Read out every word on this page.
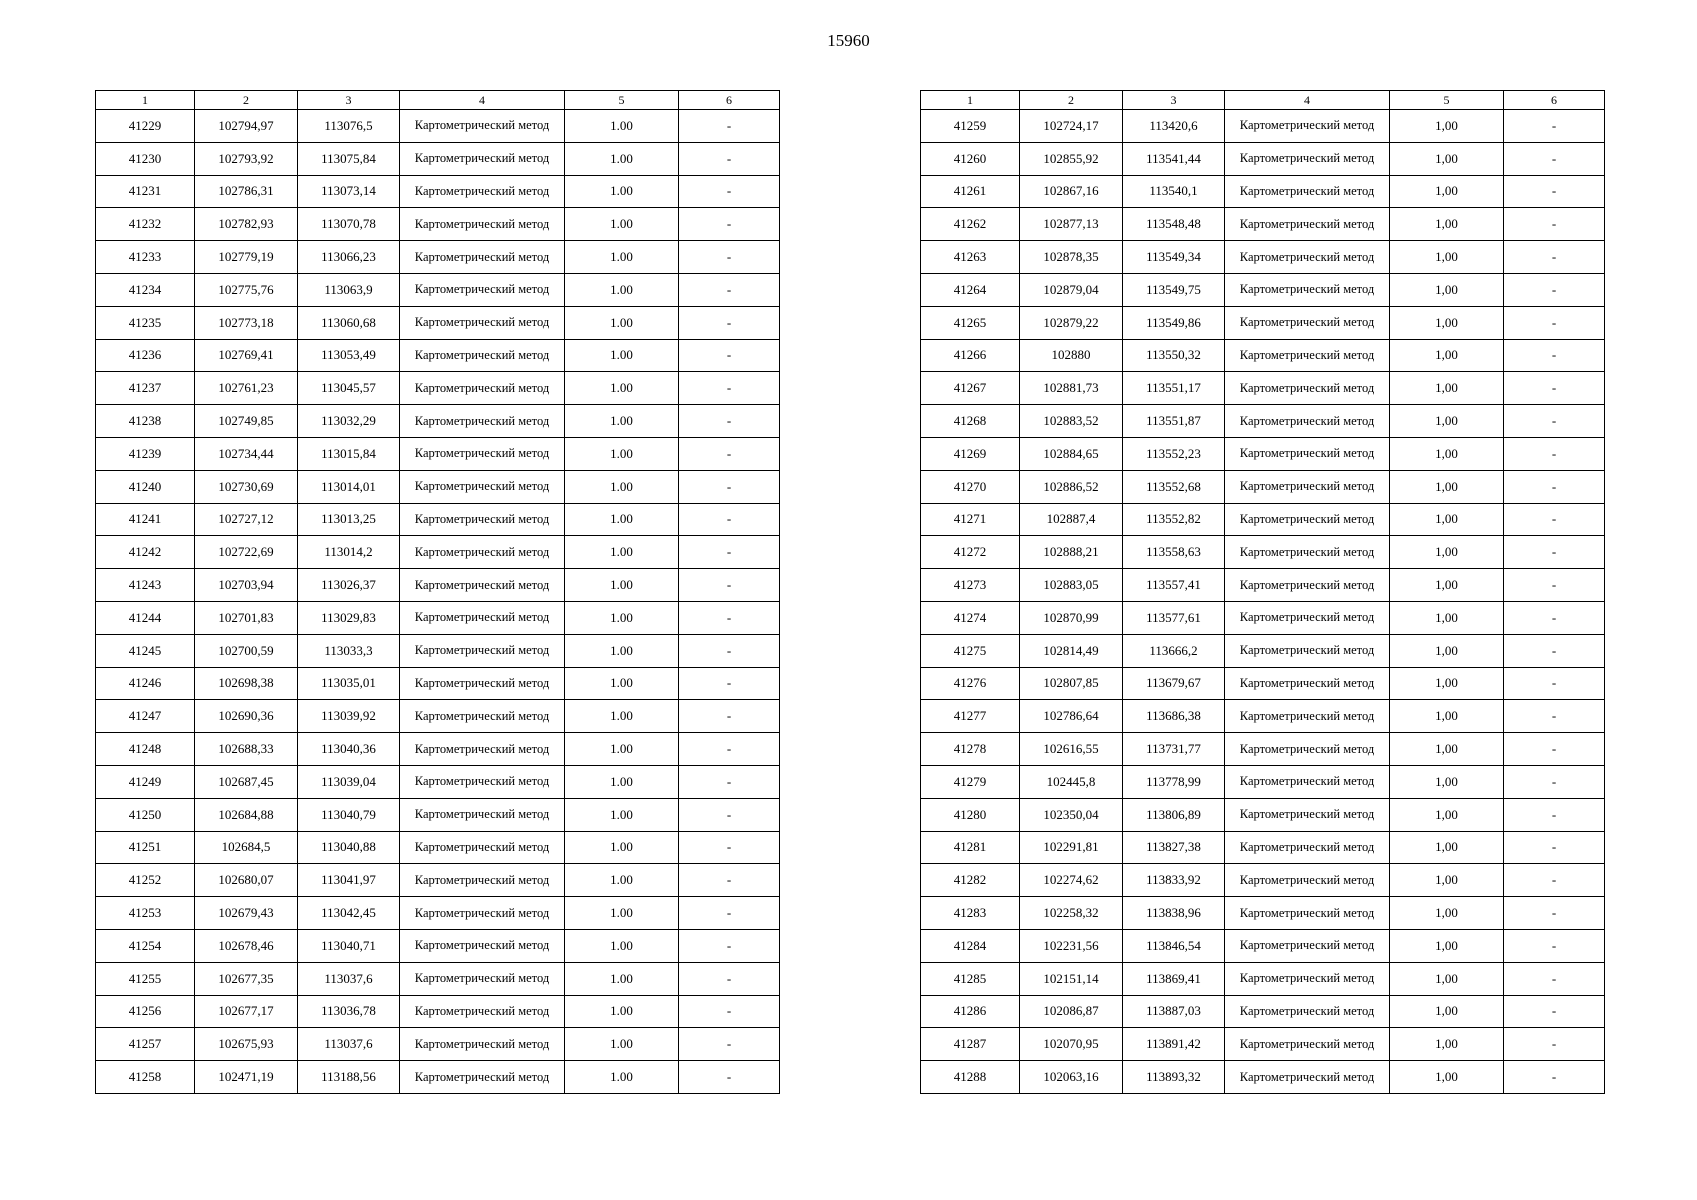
15960
1	2	3	4	5	6
41229	102794,97	113076,5	Картометрический метод	1.00	-
41230	102793,92	113075,84	Картометрический метод	1.00	-
41231	102786,31	113073,14	Картометрический метод	1.00	-
41232	102782,93	113070,78	Картометрический метод	1.00	-
41233	102779,19	113066,23	Картометрический метод	1.00	-
41234	102775,76	113063,9	Картометрический метод	1.00	-
41235	102773,18	113060,68	Картометрический метод	1.00	-
41236	102769,41	113053,49	Картометрический метод	1.00	-
41237	102761,23	113045,57	Картометрический метод	1.00	-
41238	102749,85	113032,29	Картометрический метод	1.00	-
41239	102734,44	113015,84	Картометрический метод	1.00	-
41240	102730,69	113014,01	Картометрический метод	1.00	-
41241	102727,12	113013,25	Картометрический метод	1.00	-
41242	102722,69	113014,2	Картометрический метод	1.00	-
41243	102703,94	113026,37	Картометрический метод	1.00	-
41244	102701,83	113029,83	Картометрический метод	1.00	-
41245	102700,59	113033,3	Картометрический метод	1.00	-
41246	102698,38	113035,01	Картометрический метод	1.00	-
41247	102690,36	113039,92	Картометрический метод	1.00	-
41248	102688,33	113040,36	Картометрический метод	1.00	-
41249	102687,45	113039,04	Картометрический метод	1.00	-
41250	102684,88	113040,79	Картометрический метод	1.00	-
41251	102684,5	113040,88	Картометрический метод	1.00	-
41252	102680,07	113041,97	Картометрический метод	1.00	-
41253	102679,43	113042,45	Картометрический метод	1.00	-
41254	102678,46	113040,71	Картометрический метод	1.00	-
41255	102677,35	113037,6	Картометрический метод	1.00	-
41256	102677,17	113036,78	Картометрический метод	1.00	-
41257	102675,93	113037,6	Картометрический метод	1.00	-
41258	102471,19	113188,56	Картометрический метод	1.00	-
1	2	3	4	5	6
41259	102724,17	113420,6	Картометрический метод	1,00	-
41260	102855,92	113541,44	Картометрический метод	1,00	-
41261	102867,16	113540,1	Картометрический метод	1,00	-
41262	102877,13	113548,48	Картометрический метод	1,00	-
41263	102878,35	113549,34	Картометрический метод	1,00	-
41264	102879,04	113549,75	Картометрический метод	1,00	-
41265	102879,22	113549,86	Картометрический метод	1,00	-
41266	102880	113550,32	Картометрический метод	1,00	-
41267	102881,73	113551,17	Картометрический метод	1,00	-
41268	102883,52	113551,87	Картометрический метод	1,00	-
41269	102884,65	113552,23	Картометрический метод	1,00	-
41270	102886,52	113552,68	Картометрический метод	1,00	-
41271	102887,4	113552,82	Картометрический метод	1,00	-
41272	102888,21	113558,63	Картометрический метод	1,00	-
41273	102883,05	113557,41	Картометрический метод	1,00	-
41274	102870,99	113577,61	Картометрический метод	1,00	-
41275	102814,49	113666,2	Картометрический метод	1,00	-
41276	102807,85	113679,67	Картометрический метод	1,00	-
41277	102786,64	113686,38	Картометрический метод	1,00	-
41278	102616,55	113731,77	Картометрический метод	1,00	-
41279	102445,8	113778,99	Картометрический метод	1,00	-
41280	102350,04	113806,89	Картометрический метод	1,00	-
41281	102291,81	113827,38	Картометрический метод	1,00	-
41282	102274,62	113833,92	Картометрический метод	1,00	-
41283	102258,32	113838,96	Картометрический метод	1,00	-
41284	102231,56	113846,54	Картометрический метод	1,00	-
41285	102151,14	113869,41	Картометрический метод	1,00	-
41286	102086,87	113887,03	Картометрический метод	1,00	-
41287	102070,95	113891,42	Картометрический метод	1,00	-
41288	102063,16	113893,32	Картометрический метод	1,00	-
